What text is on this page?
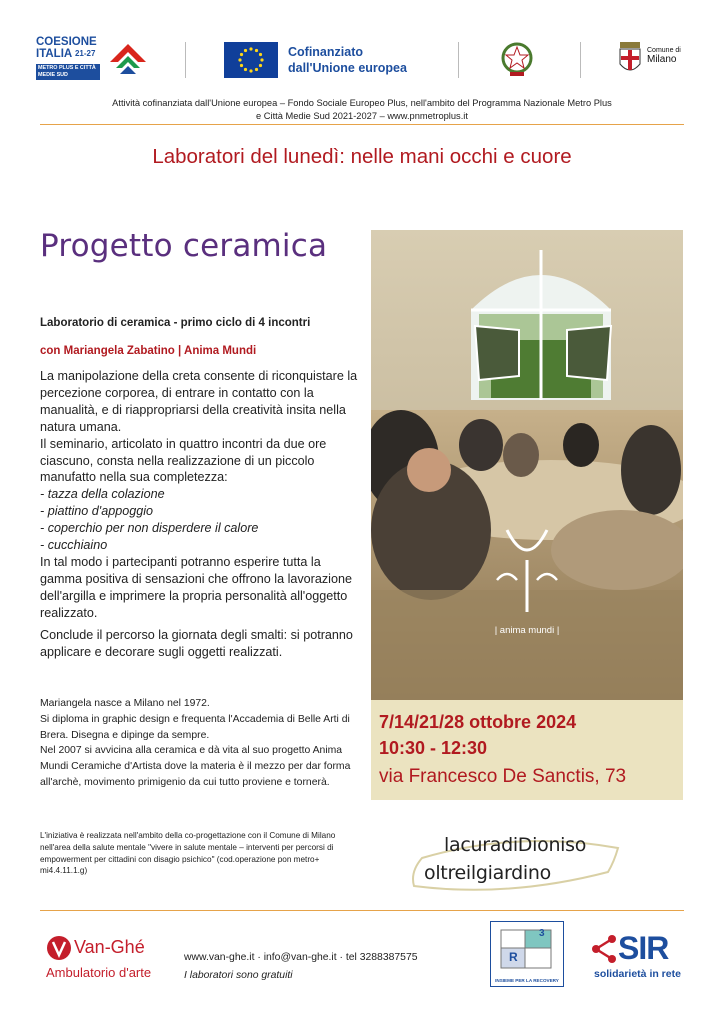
COESIONE
ITALIA $^{21-27}$
METRO PLUS E CITTÀ MEDIE SUD
Cofinanziato
dall'Unione europea
Comune di
Milano
Attività cofinanziata dall'Unione europea – Fondo Sociale Europeo Plus, nell'ambito del Programma Nazionale Metro Plus
e Città Medie Sud 2021-2027 – www.pnmetroplus.it
Laboratori del lunedì: nelle mani occhi e cuore
Progetto ceramica
Laboratorio di ceramica - primo ciclo di 4 incontri
con Mariangela Zabatino | Anima Mundi

La manipolazione della creta consente di riconquistare la percezione corporea, di entrare in contatto con la manualità, e di riappropriarsi della creatività insita nella natura umana.

Il seminario, articolato in quattro incontri da due ore ciascuno, consta nella realizzazione di un piccolo manufatto nella sua completezza:

- tazza della colazione

- piattino d'appoggio

- coperchio per non disperdere il calore

- cucchiaino

In tal modo i partecipanti potranno esperire tutta la gamma positiva di sensazioni che offrono la lavorazione dell'argilla e imprimere la propria personalità all'oggetto realizzato.

Conclude il percorso la giornata degli smalti: si potranno applicare e decorare sugli oggetti realizzati.

Mariangela nasce a Milano nel 1972.

Si diploma in graphic design e frequenta l'Accademia di Belle Arti di Brera. Disegna e dipinge da sempre.

Nel 2007 si avvicina alla ceramica e dà vita al suo progetto Anima Mundi Ceramiche d'Artista dove la materia è il mezzo per dar forma all'archè, movimento primigenio da cui tutto proviene e tornerà.

L'iniziativa è realizzata nell'ambito della co-progettazione con il Comune di Milano nell'area della salute mentale "vivere in salute mentale – interventi per percorsi di empowerment per cittadini con disagio psichico" (cod.operazione pon metro+ mi4.4.11.1.g)
| anima mundi |
7/14/21/28 ottobre 2024
10:30 - 12:30
via Francesco De Sanctis, 73
lacuradiDioniso
oltreilgiardino
Van-Ghé
Ambulatorio d'arte
www.van-ghe.it · info@van-ghe.it · tel 3288387575
I laboratori sono gratuiti
R
3
INSIEME PER LA RECOVERY
SIR
solidarietà in rete
